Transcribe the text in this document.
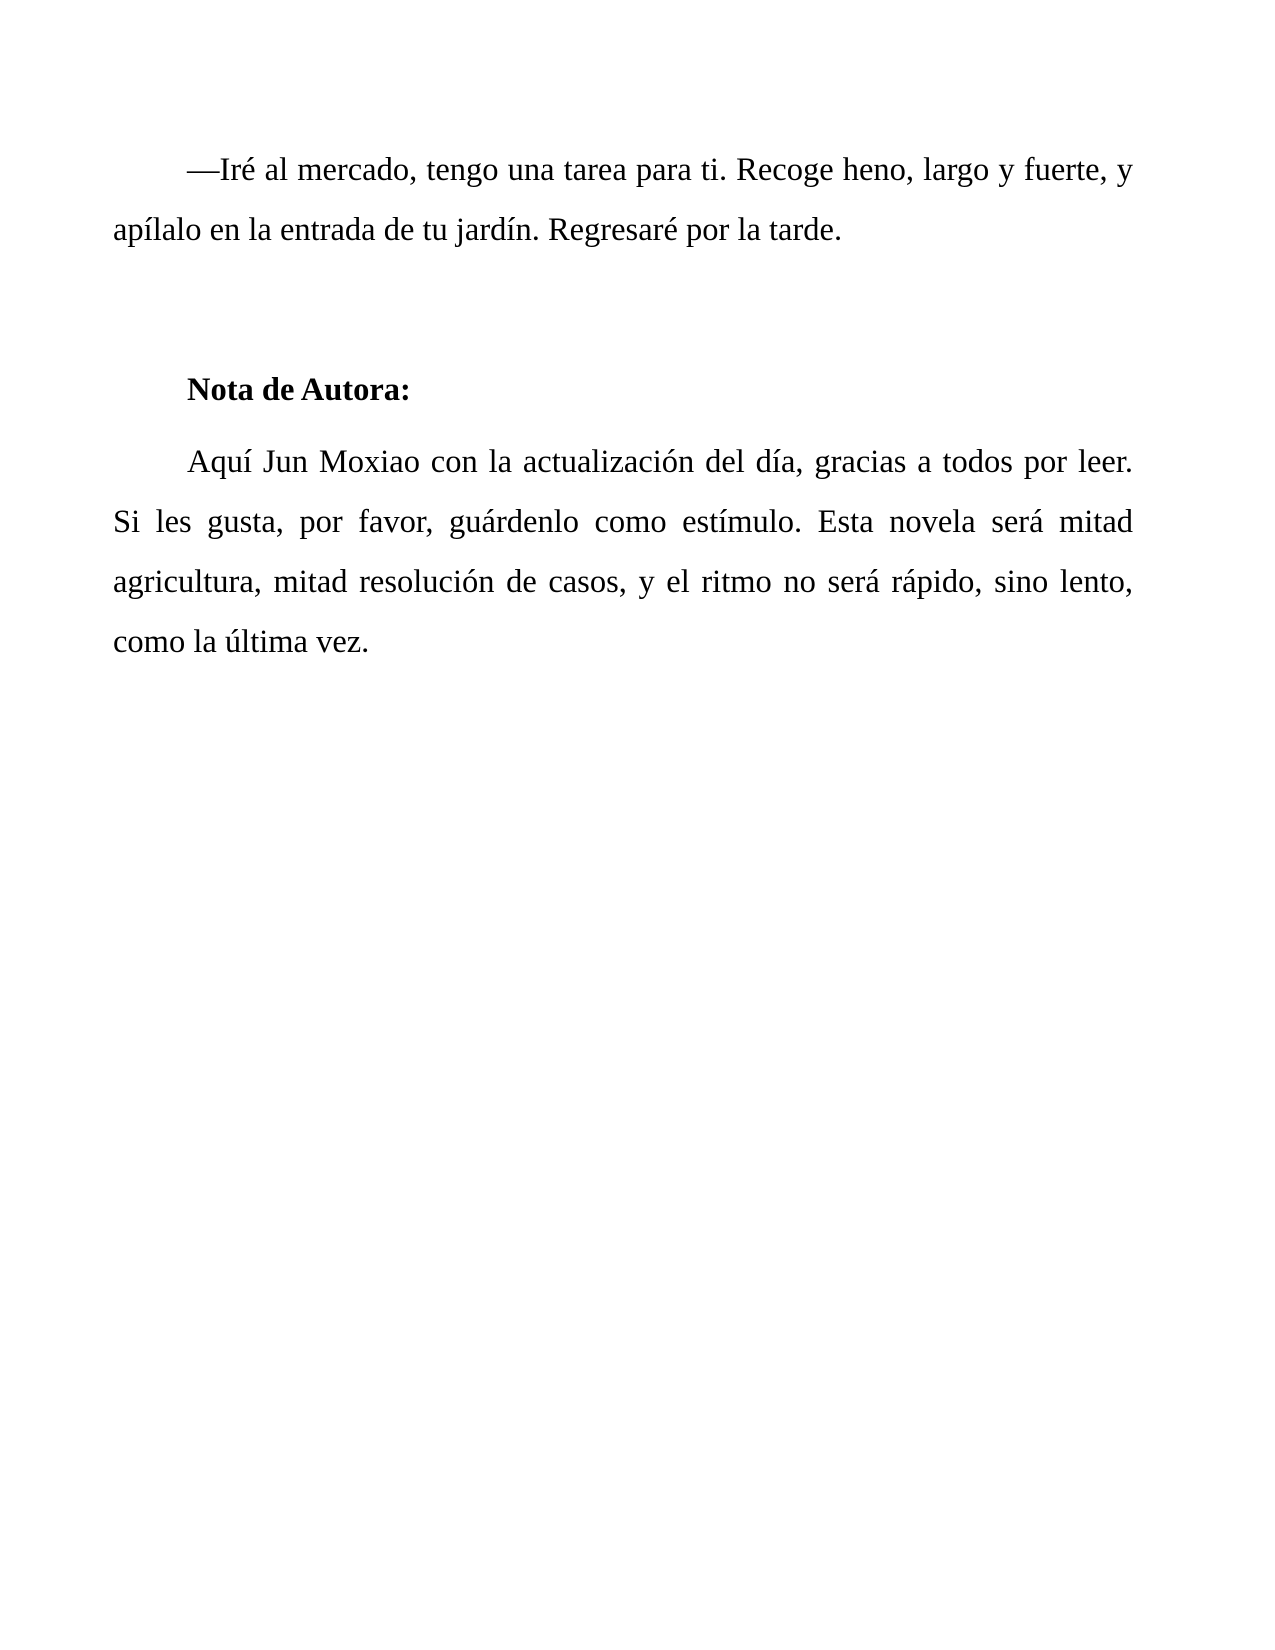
—Iré al mercado, tengo una tarea para ti. Recoge heno, largo y fuerte, y apílalo en la entrada de tu jardín. Regresaré por la tarde.

Nota de Autora:

Aquí Jun Moxiao con la actualización del día, gracias a todos por leer. Si les gusta, por favor, guárdenlo como estímulo. Esta novela será mitad agricultura, mitad resolución de casos, y el ritmo no será rápido, sino lento, como la última vez.
